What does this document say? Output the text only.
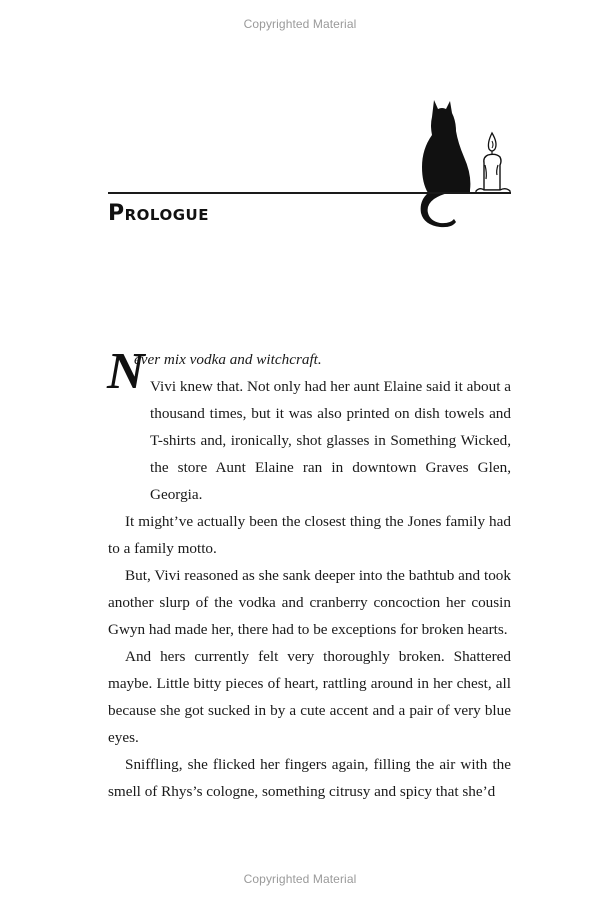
Copyrighted Material
Prologue

N
ever mix vodka and witchcraft.

Vivi knew that. Not only had her aunt Elaine said it about a thousand times, but it was also printed on dish towels and T-shirts and, ironically, shot glasses in Something Wicked, the store Aunt Elaine ran in downtown Graves Glen, Georgia.

It might’ve actually been the closest thing the Jones family had to a family motto.

But, Vivi reasoned as she sank deeper into the bathtub and took another slurp of the vodka and cranberry concoction her cousin Gwyn had made her, there had to be exceptions for broken hearts.

And hers currently felt very thoroughly broken. Shattered maybe. Little bitty pieces of heart, rattling around in her chest, all because she got sucked in by a cute accent and a pair of very blue eyes.

Sniffling, she flicked her fingers again, filling the air with the smell of Rhys’s cologne, something citrusy and spicy that she’d

Copyrighted Material
